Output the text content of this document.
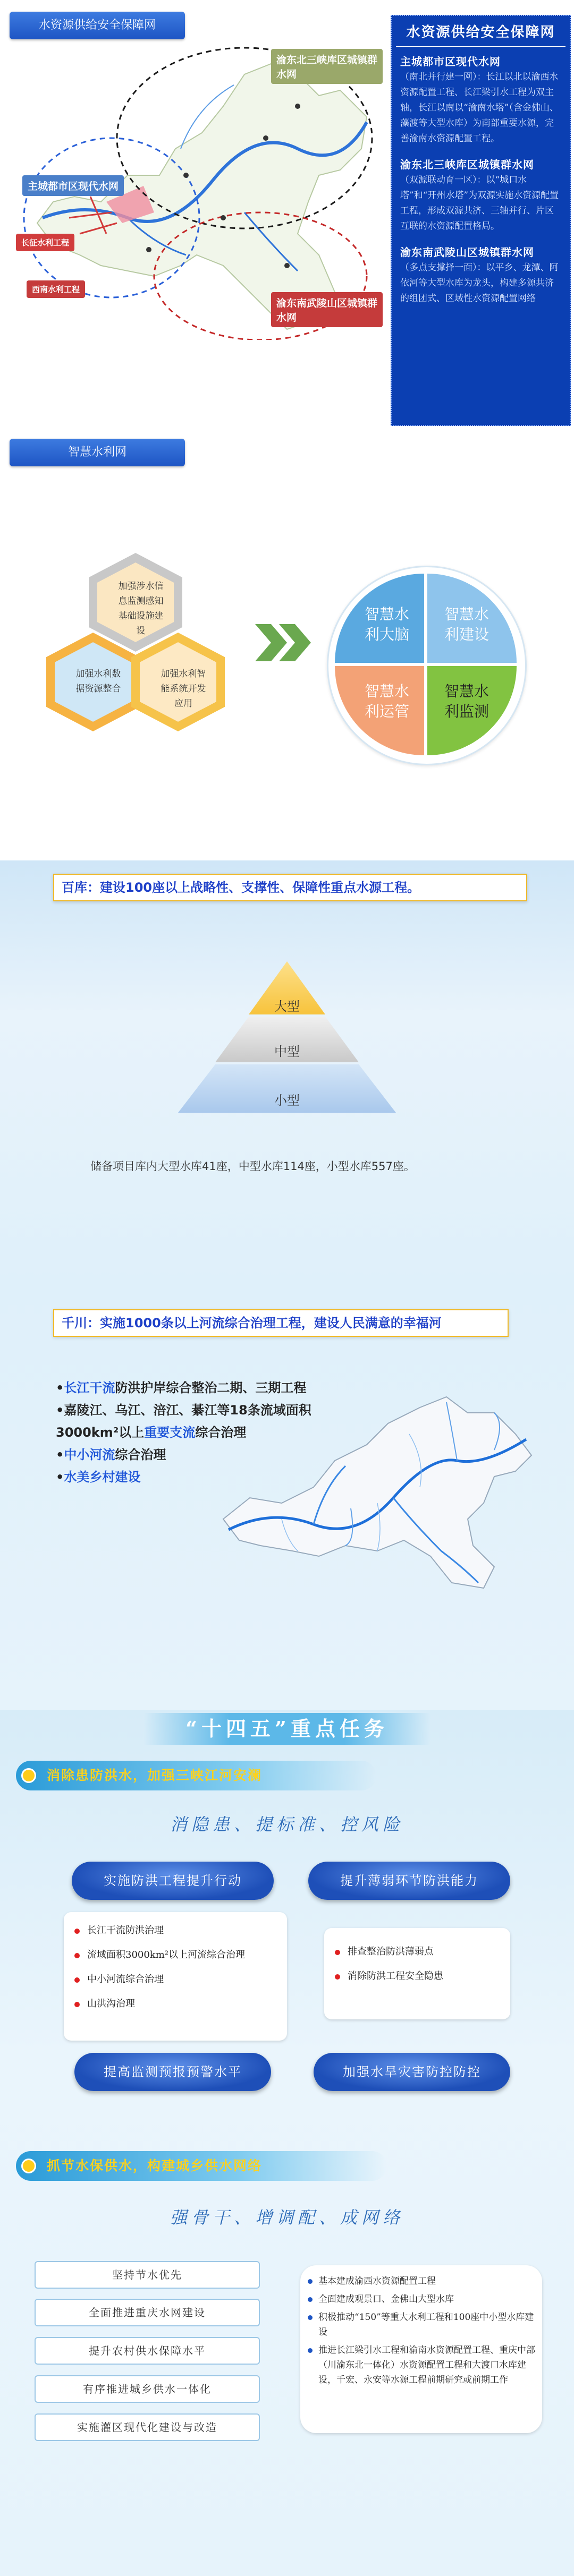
水资源供给安全保障网
渝东北三峡库区城镇群水网
主城都市区现代水网
长征水利工程
西南水利工程
渝东南武陵山区城镇群水网
水资源供给安全保障网
主城都市区现代水网
（南北并行建一网）：长江以北以渝西水资源配置工程、长江梁引水工程为双主轴，长江以南以“渝南水塔”（含金佛山、藻渡等大型水库）为南部重要水源，完善渝南水资源配置工程。
渝东北三峡库区城镇群水网
（双源联动育一区）：以“城口水塔”和“开州水塔”为双源实施水资源配置工程，形成双源共济、三轴并行、片区互联的水资源配置格局。
渝东南武陵山区城镇群水网
（多点支撑择一面）：以平乡、龙潭、阿依河等大型水库为龙头，构建多源共济的组团式、区域性水资源配置网络
智慧水利网
加强涉水信息监测感知基础设施建设
加强水利数据资源整合
加强水利智能系统开发应用
智慧水利大脑
智慧水利建设
智慧水利运管
智慧水利监测
百库：建设100座以上战略性、支撑性、保障性重点水源工程。
大型
中型
小型
储备项目库内大型水库41座，中型水库114座，小型水库557座。
千川：实施1000条以上河流综合治理工程，建设人民满意的幸福河
•长江干流防洪护岸综合整治二期、三期工程
•嘉陵江、乌江、涪江、綦江等18条流域面积3000km²以上重要支流综合治理
•中小河流综合治理
•水美乡村建设
“十四五”重点任务
消除患防洪水，加强三峡江河安澜
消隐患、提标准、控风险
实施防洪工程提升行动	提升薄弱环节防洪能力
长江干流防洪治理
流域面积3000km²以上河流综合治理
中小河流综合治理
山洪沟治理
排查整治防洪薄弱点
消除防洪工程安全隐患
提高监测预报预警水平	加强水旱灾害防控防控
抓节水保供水，构建城乡供水网络
强骨干、增调配、成网络
坚持节水优先
全面推进重庆水网建设
提升农村供水保障水平
有序推进城乡供水一体化
实施灌区现代化建设与改造
基本建成渝西水资源配置工程
全面建成观景口、金佛山大型水库
积极推动“150”等重大水利工程和100座中小型水库建设
推进长江梁引水工程和渝南水资源配置工程、重庆中部（川渝东北一体化）水资源配置工程和大渡口水库建设，千宏、永安等水源工程前期研究或前期工作
